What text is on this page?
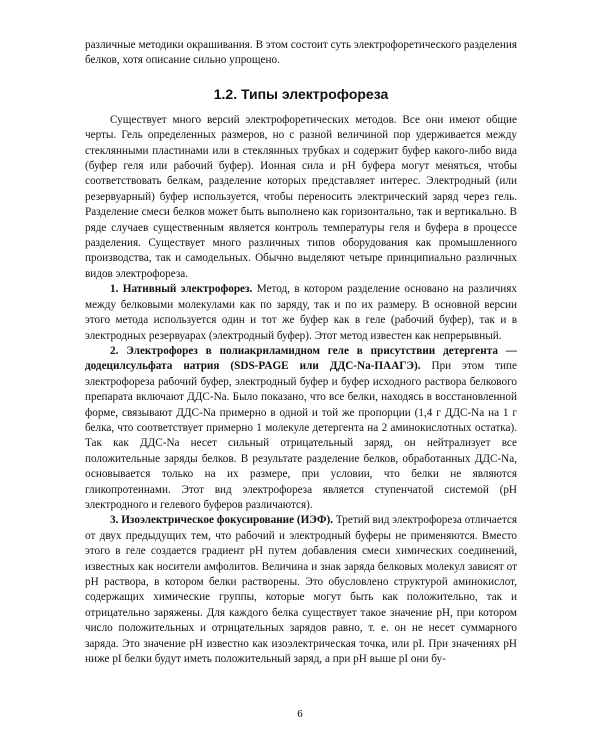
различные методики окрашивания. В этом состоит суть электрофоретического разделения белков, хотя описание сильно упрощено.

1.2. Типы электрофореза

Существует много версий электрофоретических методов. Все они имеют общие черты. Гель определенных размеров, но с разной величиной пор удерживается между стеклянными пластинами или в стеклянных трубках и содержит буфер какого-либо вида (буфер геля или рабочий буфер). Ионная сила и pH буфера могут меняться, чтобы соответствовать белкам, разделение которых представляет интерес. Электродный (или резервуарный) буфер используется, чтобы переносить электрический заряд через гель. Разделение смеси белков может быть выполнено как горизонтально, так и вертикально. В ряде случаев существенным является контроль температуры геля и буфера в процессе разделения. Существует много различных типов оборудования как промышленного производства, так и самодельных. Обычно выделяют четыре принципиально различных видов электрофореза.

1. Нативный электрофорез. Метод, в котором разделение основано на различиях между белковыми молекулами как по заряду, так и по их размеру. В основной версии этого метода используется один и тот же буфер как в геле (рабочий буфер), так и в электродных резервуарах (электродный буфер). Этот метод известен как непрерывный.

2. Электрофорез в полиакриламидном геле в присутствии детергента — додецилсульфата натрия (SDS-PAGE или ДДС-Na-ПААГЭ). При этом типе электрофореза рабочий буфер, электродный буфер и буфер исходного раствора белкового препарата включают ДДС-Na. Было показано, что все белки, находясь в восстановленной форме, связывают ДДС-Na примерно в одной и той же пропорции (1,4 г ДДС-Na на 1 г белка, что соответствует примерно 1 молекуле детергента на 2 аминокислотных остатка). Так как ДДС-Na несет сильный отрицательный заряд, он нейтрализует все положительные заряды белков. В результате разделение белков, обработанных ДДС-Na, основывается только на их размере, при условии, что белки не являются гликопротеинами. Этот вид электрофореза является ступенчатой системой (pH электродного и гелевого буферов различаются).

3. Изоэлектрическое фокусирование (ИЭФ). Третий вид электрофореза отличается от двух предыдущих тем, что рабочий и электродный буферы не применяются. Вместо этого в геле создается градиент pH путем добавления смеси химических соединений, известных как носители амфолитов. Величина и знак заряда белковых молекул зависят от pH раствора, в котором белки растворены. Это обусловлено структурой аминокислот, содержащих химические группы, которые могут быть как положительно, так и отрицательно заряжены. Для каждого белка существует такое значение pH, при котором число положительных и отрицательных зарядов равно, т. е. он не несет суммарного заряда. Это значение pH известно как изоэлектрическая точка, или pI. При значениях pH ниже pI белки будут иметь положительный заряд, а при pH выше pI они бу-

6
